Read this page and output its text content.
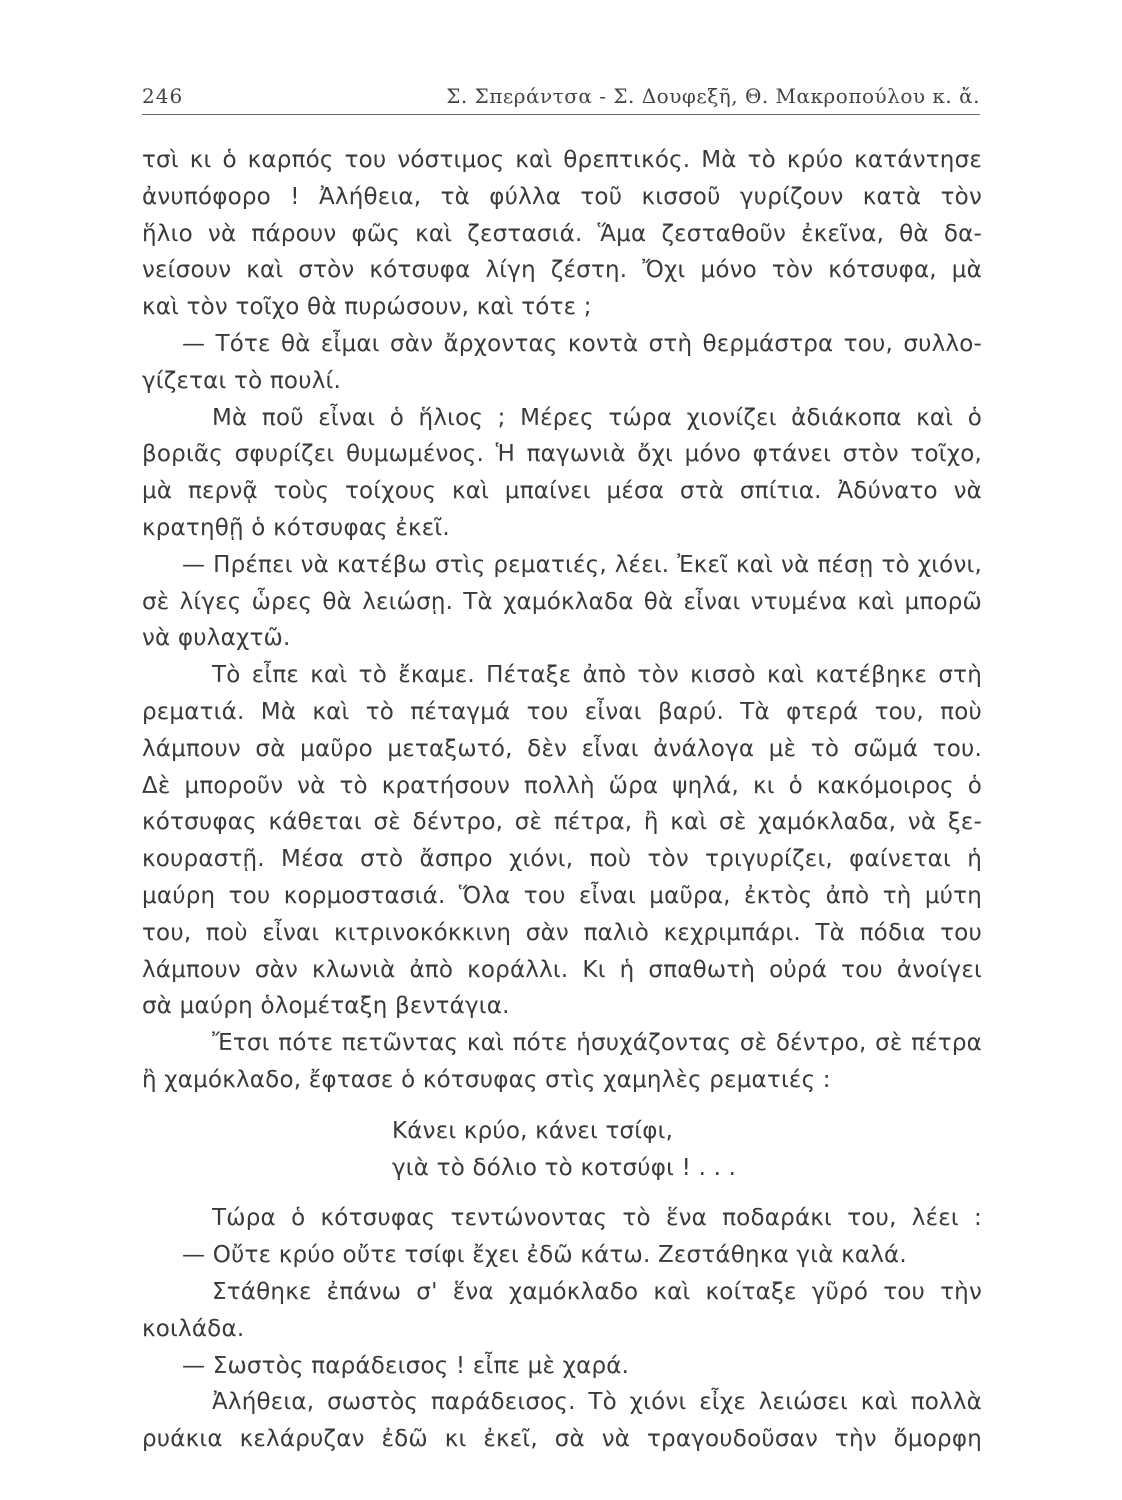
246	Σ. Σπεράντσα - Σ. Δουφεξῆ, Θ. Μακροπούλου κ. ἄ.
τσὶ κι ὁ καρπός του νόστιμος καὶ θρεπτικός. Μὰ τὸ κρύο κατάντησε
ἀνυπόφορο ! Ἀλήθεια, τὰ φύλλα τοῦ κισσοῦ γυρίζουν κατὰ τὸν
ἥλιο νὰ πάρουν φῶς καὶ ζεστασιά. Ἅμα ζεσταθοῦν ἐκεῖνα, θὰ δα-
νείσουν καὶ στὸν κότσυφα λίγη ζέστη. Ὄχι μόνο τὸν κότσυφα, μὰ
καὶ τὸν τοῖχο θὰ πυρώσουν, καὶ τότε ;
— Τότε θὰ εἶμαι σὰν ἄρχοντας κοντὰ στὴ θερμάστρα του, συλλο-
γίζεται τὸ πουλί.
Μὰ ποῦ εἶναι ὁ ἥλιος ; Μέρες τώρα χιονίζει ἀδιάκοπα καὶ ὁ
βοριᾶς σφυρίζει θυμωμένος. Ἡ παγωνιὰ ὄχι μόνο φτάνει στὸν τοῖχο,
μὰ περνᾷ τοὺς τοίχους καὶ μπαίνει μέσα στὰ σπίτια. Ἀδύνατο νὰ
κρατηθῇ ὁ κότσυφας ἐκεῖ.
— Πρέπει νὰ κατέβω στὶς ρεματιές, λέει. Ἐκεῖ καὶ νὰ πέσῃ τὸ χιόνι,
σὲ λίγες ὧρες θὰ λειώσῃ. Τὰ χαμόκλαδα θὰ εἶναι ντυμένα καὶ μπορῶ
νὰ φυλαχτῶ.
Τὸ εἶπε καὶ τὸ ἔκαμε. Πέταξε ἀπὸ τὸν κισσὸ καὶ κατέβηκε στὴ
ρεματιά. Μὰ καὶ τὸ πέταγμά του εἶναι βαρύ. Τὰ φτερά του, ποὺ
λάμπουν σὰ μαῦρο μεταξωτό, δὲν εἶναι ἀνάλογα μὲ τὸ σῶμά του.
Δὲ μποροῦν νὰ τὸ κρατήσουν πολλὴ ὥρα ψηλά, κι ὁ κακόμοιρος ὁ
κότσυφας κάθεται σὲ δέντρο, σὲ πέτρα, ἢ καὶ σὲ χαμόκλαδα, νὰ ξε-
κουραστῇ. Μέσα στὸ ἄσπρο χιόνι, ποὺ τὸν τριγυρίζει, φαίνεται ἡ
μαύρη του κορμοστασιά. Ὅλα του εἶναι μαῦρα, ἐκτὸς ἀπὸ τὴ μύτη
του, ποὺ εἶναι κιτρινοκόκκινη σὰν παλιὸ κεχριμπάρι. Τὰ πόδια του
λάμπουν σὰν κλωνιὰ ἀπὸ κοράλλι. Κι ἡ σπαθωτὴ οὐρά του ἀνοίγει
σὰ μαύρη ὁλομέταξη βεντάγια.
Ἔτσι πότε πετῶντας καὶ πότε ἡσυχάζοντας σὲ δέντρο, σὲ πέτρα
ἢ χαμόκλαδο, ἔφτασε ὁ κότσυφας στὶς χαμηλὲς ρεματιές :
Κάνει κρύο, κάνει τσίφι,
γιὰ τὸ δόλιο τὸ κοτσύφι ! . . .
Τώρα ὁ κότσυφας τεντώνοντας τὸ ἕνα ποδαράκι του, λέει :
— Οὔτε κρύο οὔτε τσίφι ἔχει ἐδῶ κάτω. Ζεστάθηκα γιὰ καλά.
Στάθηκε ἐπάνω σ' ἕνα χαμόκλαδο καὶ κοίταξε γῦρό του τὴν
κοιλάδα.
— Σωστὸς παράδεισος ! εἶπε μὲ χαρά.
Ἀλήθεια, σωστὸς παράδεισος. Τὸ χιόνι εἶχε λειώσει καὶ πολλὰ
ρυάκια κελάρυζαν ἐδῶ κι ἐκεῖ, σὰ νὰ τραγουδοῦσαν τὴν ὄμορφη
